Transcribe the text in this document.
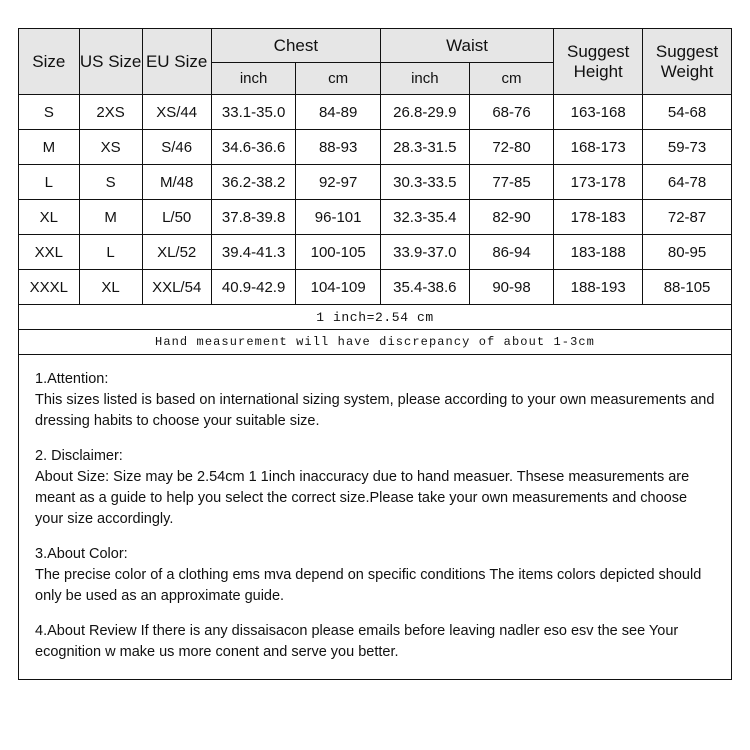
Size	US Size	EU Size	Chest		Waist		Suggest Height	Suggest Weight
			inch	cm	inch	cm		
S	2XS	XS/44	33.1-35.0	84-89	26.8-29.9	68-76	163-168	54-68
M	XS	S/46	34.6-36.6	88-93	28.3-31.5	72-80	168-173	59-73
L	S	M/48	36.2-38.2	92-97	30.3-33.5	77-85	173-178	64-78
XL	M	L/50	37.8-39.8	96-101	32.3-35.4	82-90	178-183	72-87
XXL	L	XL/52	39.4-41.3	100-105	33.9-37.0	86-94	183-188	80-95
XXXL	XL	XXL/54	40.9-42.9	104-109	35.4-38.6	90-98	188-193	88-105
1 inch=2.54 cm								
Hand measurement will have discrepancy of about 1-3cm								

1.Attention:
This sizes listed is based on international sizing system, please according to your own measurements and dressing habits to choose your suitable size.

2. Disclaimer:
About Size: Size may be 2.54cm 1 1inch inaccuracy due to hand measuer. Thsese measurements are meant as a guide to help you select the correct size.Please take your own measurements and choose your size accordingly.

3.About Color:
The precise color of a clothing ems mva depend on specific conditions The items colors depicted should only be used as an approximate guide.

4.About Review If there is any dissaisacon please emails before leaving nadler eso esv the see Your ecognition w make us more conent and serve you better.
